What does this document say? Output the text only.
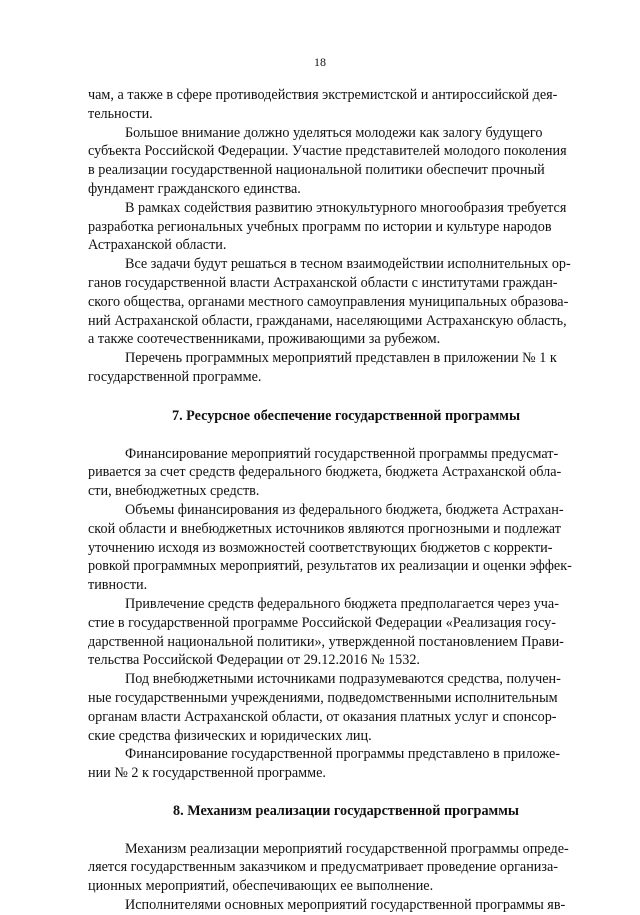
18

чам, а также в сфере противодействия экстремистской и антироссийской дея-
тельности.

Большое внимание должно уделяться молодежи как залогу будущего
субъекта Российской Федерации. Участие представителей молодого поколения
в реализации государственной национальной политики обеспечит прочный
фундамент гражданского единства.

В рамках содействия развитию этнокультурного многообразия требуется
разработка региональных учебных программ по истории и культуре народов
Астраханской области.

Все задачи будут решаться в тесном взаимодействии исполнительных ор-
ганов государственной власти Астраханской области с институтами граждан-
ского общества, органами местного самоуправления муниципальных образова-
ний Астраханской области, гражданами, населяющими Астраханскую область,
а также соотечественниками, проживающими за рубежом.

Перечень программных мероприятий представлен в приложении № 1 к
государственной программе.

7. Ресурсное обеспечение государственной программы

Финансирование мероприятий государственной программы предусмат-
ривается за счет средств федерального бюджета, бюджета Астраханской обла-
сти, внебюджетных средств.

Объемы финансирования из федерального бюджета, бюджета Астрахан-
ской области и внебюджетных источников являются прогнозными и подлежат
уточнению исходя из возможностей соответствующих бюджетов с корректи-
ровкой программных мероприятий, результатов их реализации и оценки эффек-
тивности.

Привлечение средств федерального бюджета предполагается через уча-
стие в государственной программе Российской Федерации «Реализация госу-
дарственной национальной политики», утвержденной постановлением Прави-
тельства Российской Федерации от 29.12.2016 № 1532.

Под внебюджетными источниками подразумеваются средства, получен-
ные государственными учреждениями, подведомственными исполнительным
органам власти Астраханской области, от оказания платных услуг и спонсор-
ские средства физических и юридических лиц.

Финансирование государственной программы представлено в приложе-
нии № 2 к государственной программе.

8. Механизм реализации государственной программы

Механизм реализации мероприятий государственной программы опреде-
ляется государственным заказчиком и предусматривает проведение организа-
ционных мероприятий, обеспечивающих ее выполнение.

Исполнителями основных мероприятий государственной программы яв-
